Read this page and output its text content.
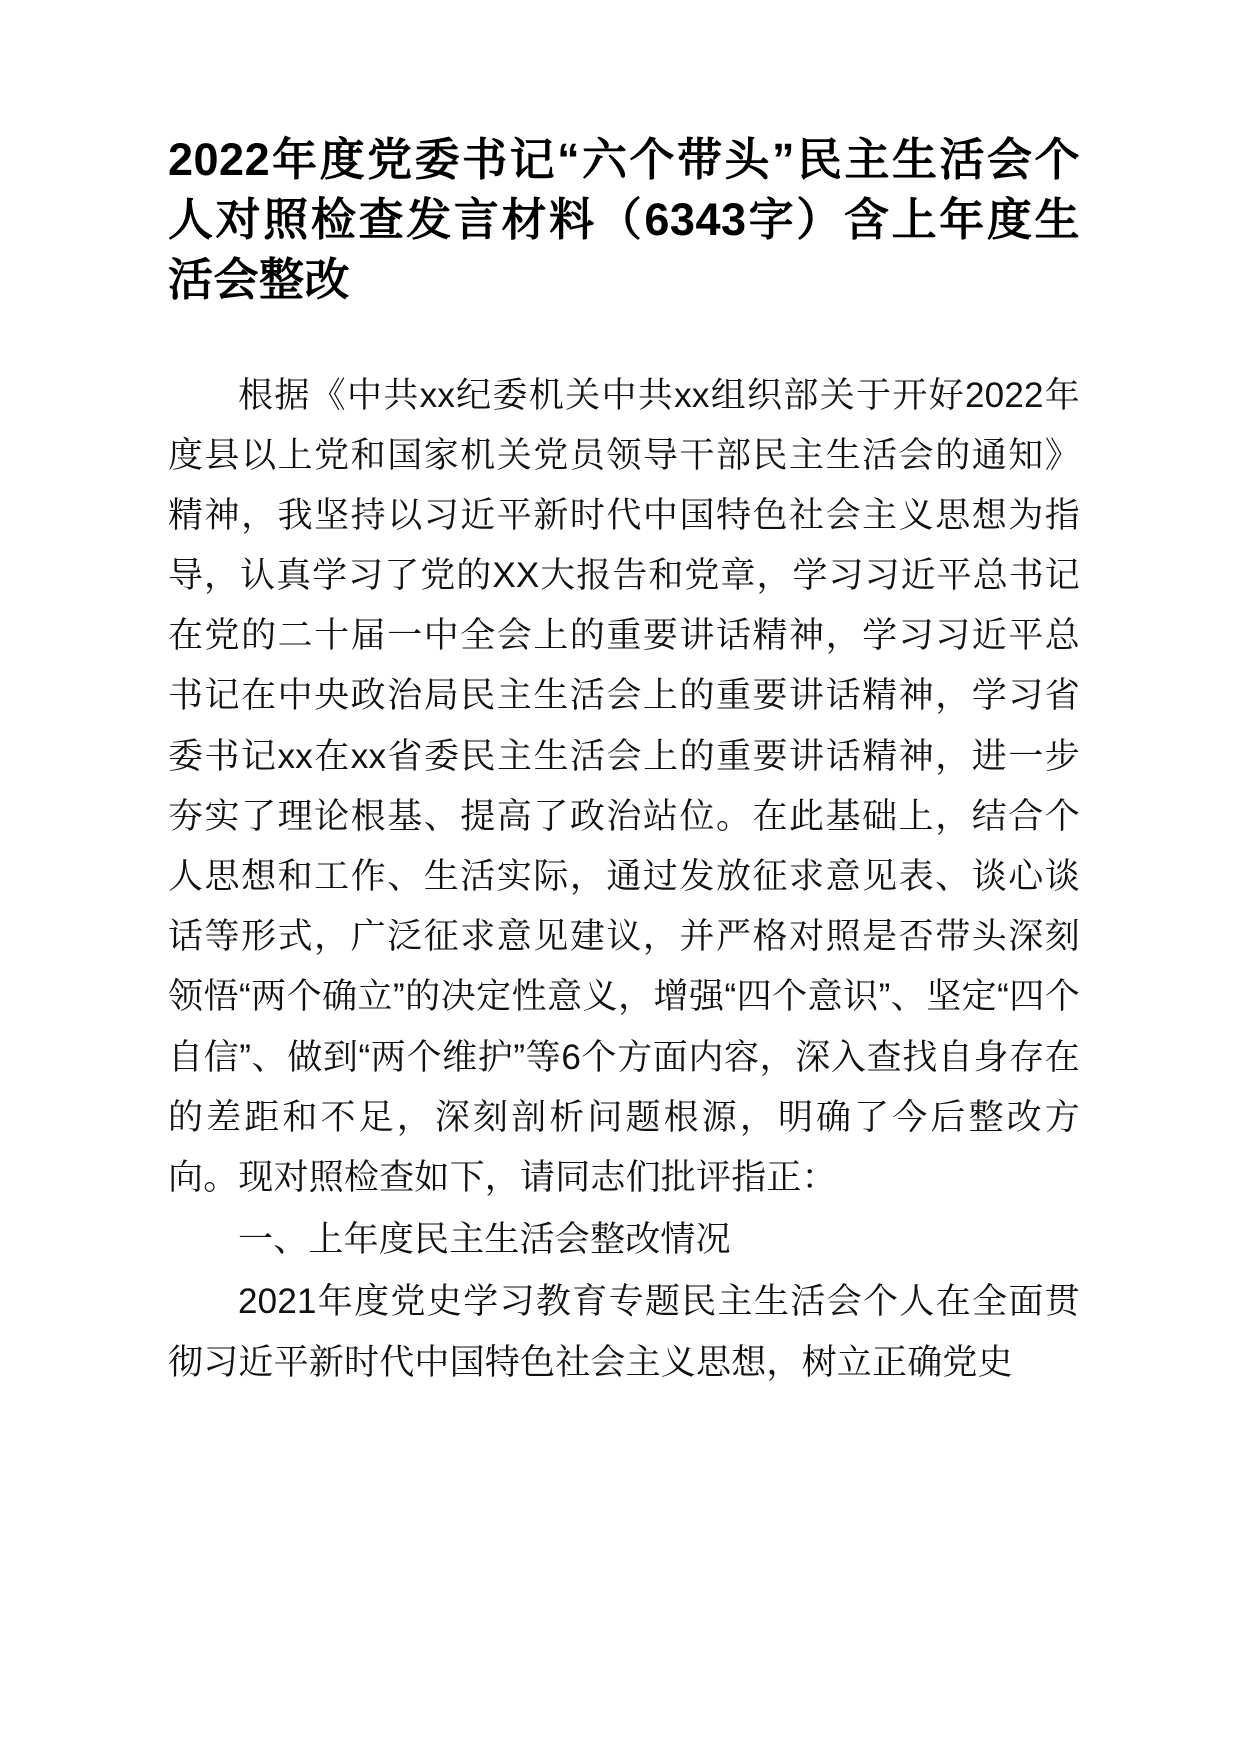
2022年度党委书记“六个带头”民主生活会个人对照检查发言材料（6343字）含上年度生活会整改

根据《中共xx纪委机关中共xx组织部关于开好2022年度县以上党和国家机关党员领导干部民主生活会的通知》精神，我坚持以习近平新时代中国特色社会主义思想为指导，认真学习了党的XX大报告和党章，学习习近平总书记在党的二十届一中全会上的重要讲话精神，学习习近平总书记在中央政治局民主生活会上的重要讲话精神，学习省委书记xx在xx省委民主生活会上的重要讲话精神，进一步夯实了理论根基、提高了政治站位。在此基础上，结合个人思想和工作、生活实际，通过发放征求意见表、谈心谈话等形式，广泛征求意见建议，并严格对照是否带头深刻领悟“两个确立”的决定性意义，增强“四个意识”、坚定“四个自信”、做到“两个维护”等6个方面内容，深入查找自身存在的差距和不足，深刻剖析问题根源，明确了今后整改方向。现对照检查如下，请同志们批评指正：

一、上年度民主生活会整改情况

2021年度党史学习教育专题民主生活会个人在全面贯彻习近平新时代中国特色社会主义思想，树立正确党史
